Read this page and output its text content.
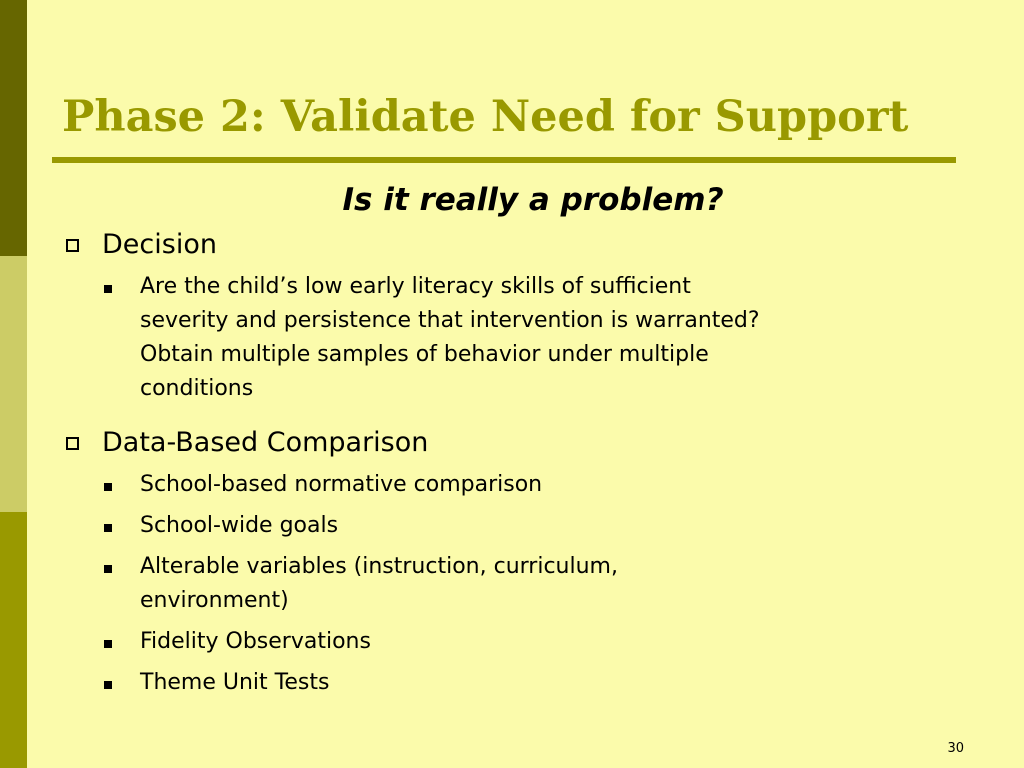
Phase 2: Validate Need for Support
Is it really a problem?
Decision
Are the child’s low early literacy skills of sufficient
severity and persistence that intervention is warranted?
Obtain multiple samples of behavior under multiple
conditions
Data-Based Comparison
School-based normative comparison
School-wide goals
Alterable variables (instruction, curriculum,
environment)
Fidelity Observations
Theme Unit Tests
30
